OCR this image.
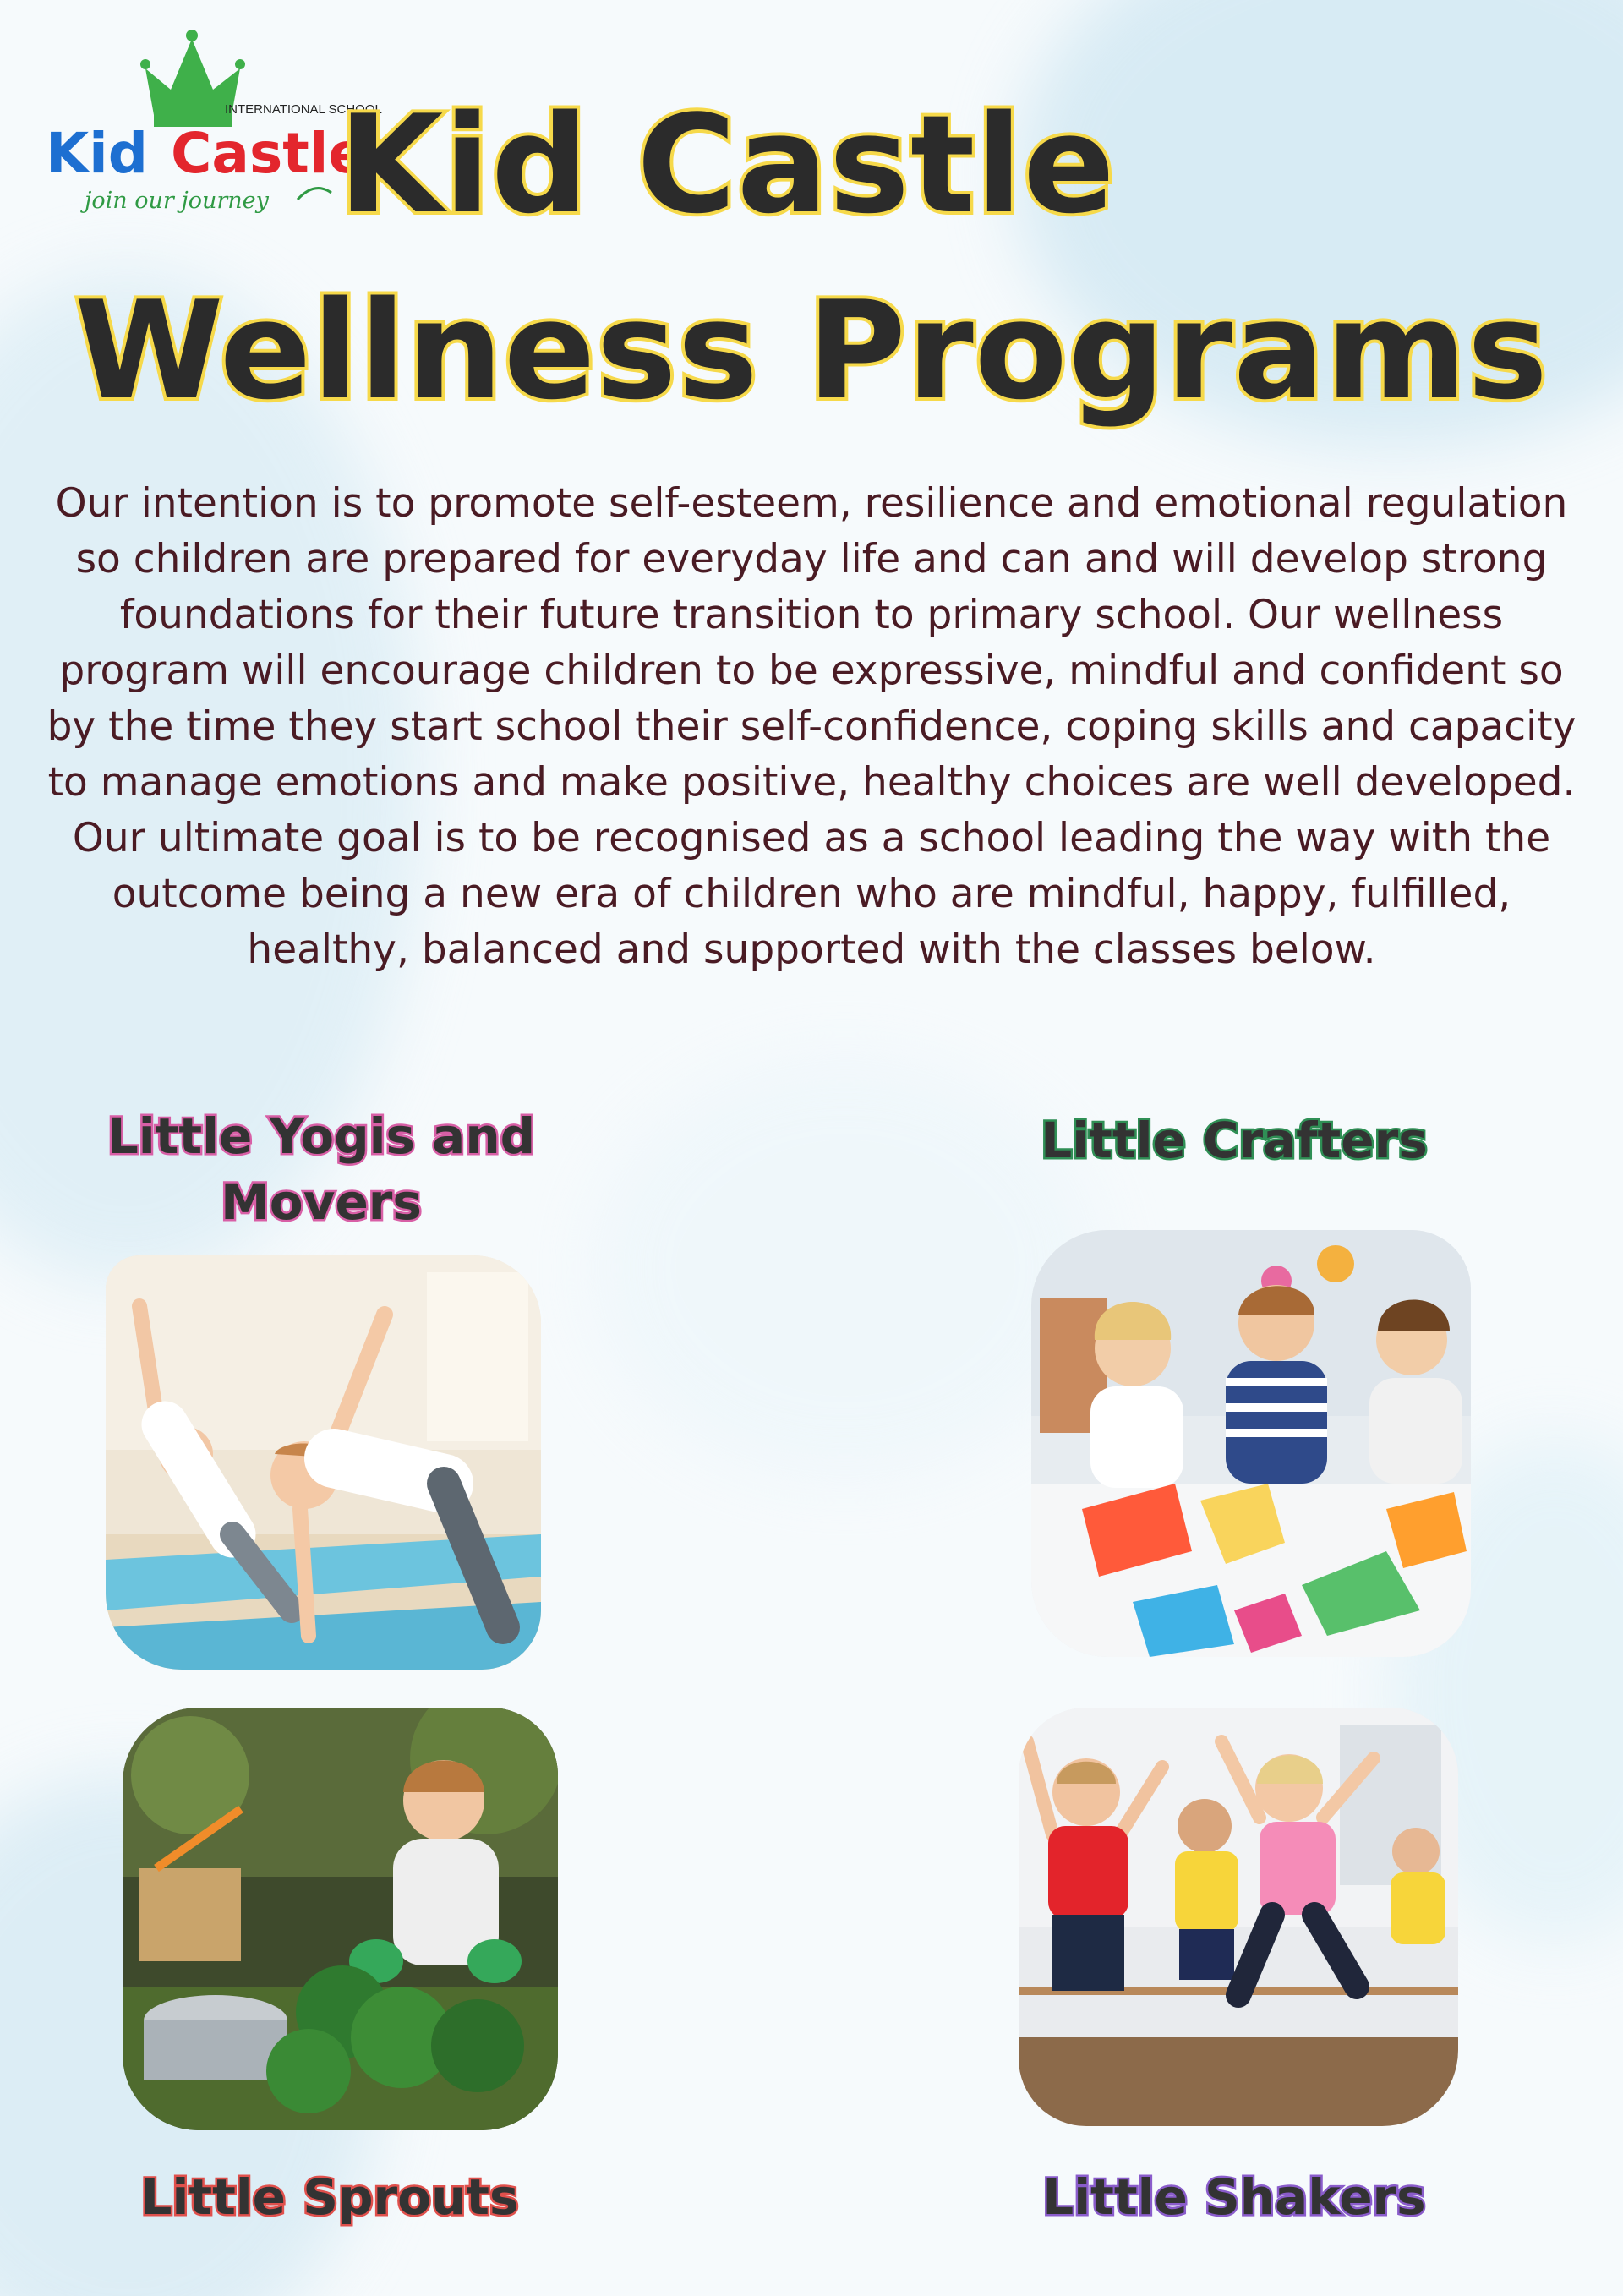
INTERNATIONAL SCHOOL
Kid Castle
join our journey Kid Castle
Wellness Programs

Our intention is to promote self-esteem, resilience and emotional regulation so children are prepared for everyday life and can and will develop strong foundations for their future transition to primary school. Our wellness program will encourage children to be expressive, mindful and confident so by the time they start school their self-confidence, coping skills and capacity to manage emotions and make positive, healthy choices are well developed. Our ultimate goal is to be recognised as a school leading the way with the outcome being a new era of children who are mindful, happy, fulfilled, healthy, balanced and supported with the classes below.

Little Yogis and
Movers
Little Crafters
Little Sprouts	Little Shakers
